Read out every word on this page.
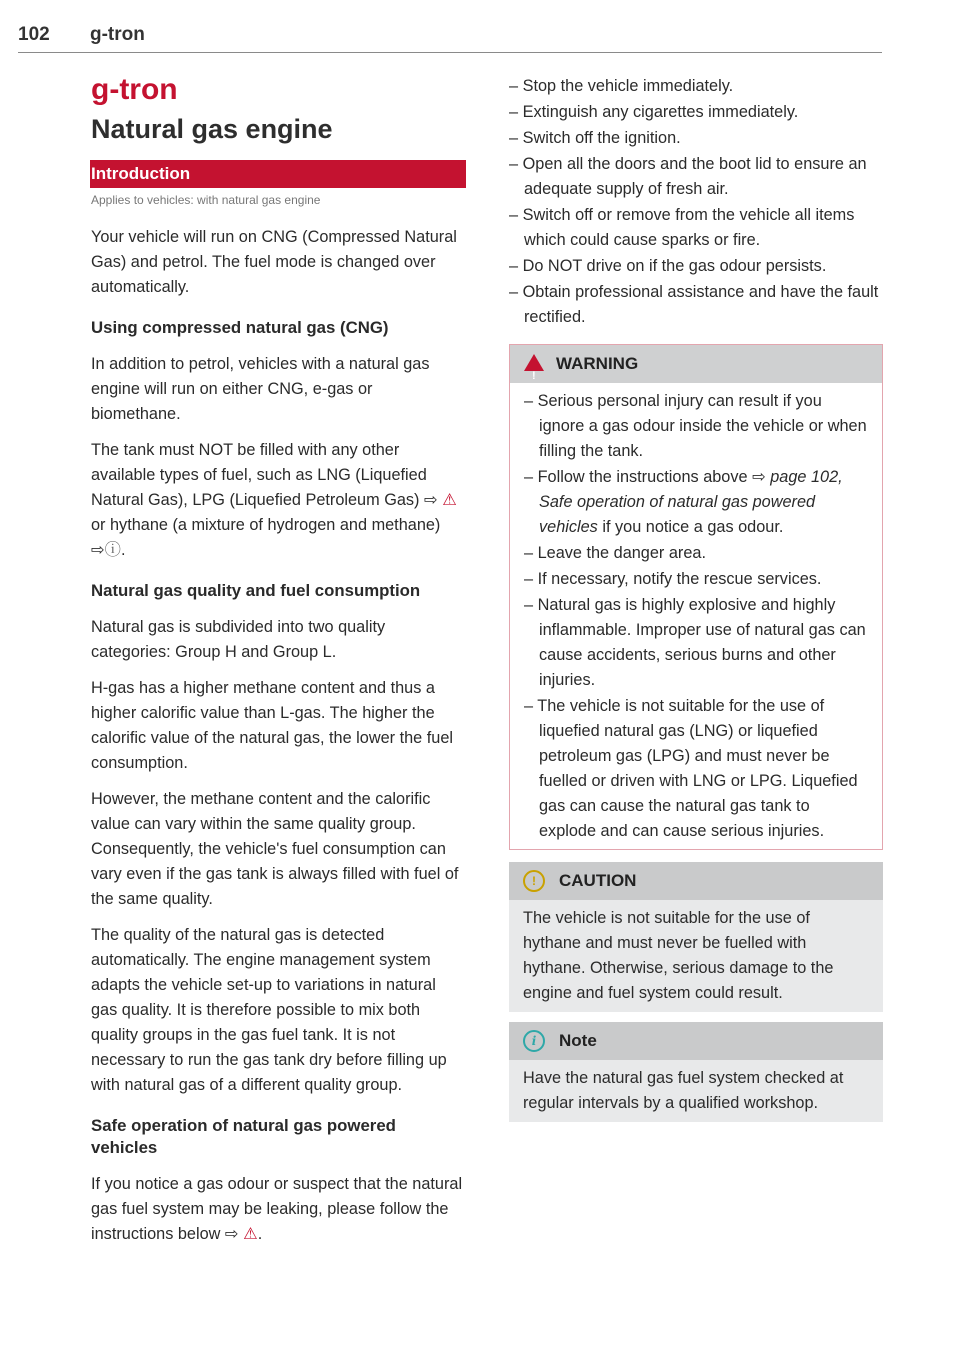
102 g-tron
g-tron
Natural gas engine
Introduction
Applies to vehicles: with natural gas engine

Your vehicle will run on CNG (Compressed Natural Gas) and petrol. The fuel mode is changed over automatically.

Using compressed natural gas (CNG)

In addition to petrol, vehicles with a natural gas engine will run on either CNG, e-gas or biomethane.

The tank must NOT be filled with any other available types of fuel, such as LNG (Liquefied Natural Gas), LPG (Liquefied Petroleum Gas) ⇨ ⚠ or hythane (a mixture of hydrogen and methane) ⇨ⓘ.

Natural gas quality and fuel consumption

Natural gas is subdivided into two quality categories: Group H and Group L.

H-gas has a higher methane content and thus a higher calorific value than L-gas. The higher the calorific value of the natural gas, the lower the fuel consumption.

However, the methane content and the calorific value can vary within the same quality group. Consequently, the vehicle's fuel consumption can vary even if the gas tank is always filled with fuel of the same quality.

The quality of the natural gas is detected automatically. The engine management system adapts the vehicle set-up to variations in natural gas quality. It is therefore possible to mix both quality groups in the gas fuel tank. It is not necessary to run the gas tank dry before filling up with natural gas of a different quality group.

Safe operation of natural gas powered vehicles

If you notice a gas odour or suspect that the natural gas fuel system may be leaking, please follow the instructions below ⇨ ⚠.

– Stop the vehicle immediately.
– Extinguish any cigarettes immediately.
– Switch off the ignition.
– Open all the doors and the boot lid to ensure an adequate supply of fresh air.
– Switch off or remove from the vehicle all items which could cause sparks or fire.
– Do NOT drive on if the gas odour persists.
– Obtain professional assistance and have the fault rectified.
!WARNING
– Serious personal injury can result if you ignore a gas odour inside the vehicle or when filling the tank.
– Follow the instructions above ⇨ page 102, Safe operation of natural gas powered vehicles if you notice a gas odour.
– Leave the danger area.
– If necessary, notify the rescue services.
– Natural gas is highly explosive and highly inflammable. Improper use of natural gas can cause accidents, serious burns and other injuries.
– The vehicle is not suitable for the use of liquefied natural gas (LNG) or liquefied petroleum gas (LPG) and must never be fuelled or driven with LNG or LPG. Liquefied gas can cause the natural gas tank to explode and can cause serious injuries.
! CAUTION

The vehicle is not suitable for the use of hythane and must never be fuelled with hythane. Otherwise, serious damage to the engine and fuel system could result.

i Note

Have the natural gas fuel system checked at regular intervals by a qualified workshop.
